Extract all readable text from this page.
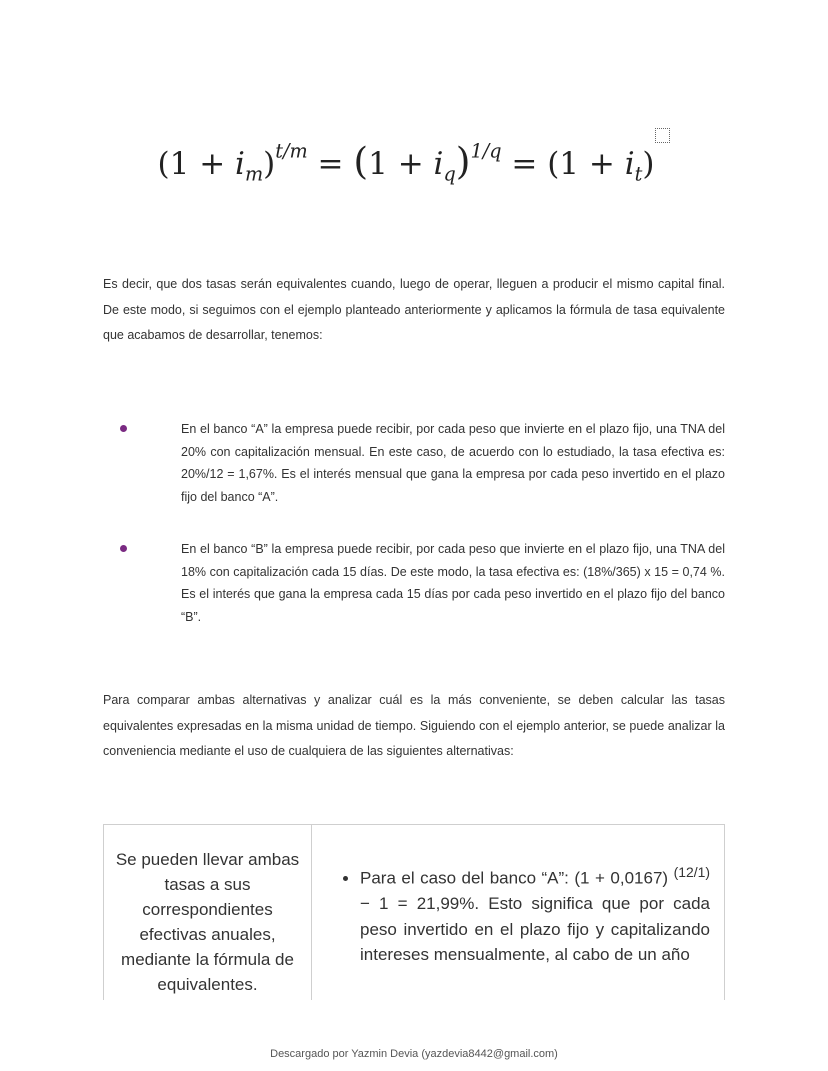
$(1 + i_m)^{t/m} = (1 + i_q)^{1/q} = (1 + i_t)$

Es decir, que dos tasas serán equivalentes cuando, luego de operar, lleguen a producir el mismo capital final. De este modo, si seguimos con el ejemplo planteado anteriormente y aplicamos la fórmula de tasa equivalente que acabamos de desarrollar, tenemos:

En el banco “A” la empresa puede recibir, por cada peso que invierte en el plazo fijo, una TNA del 20% con capitalización mensual. En este caso, de acuerdo con lo estudiado, la tasa efectiva es: 20%/12 = 1,67%. Es el interés mensual que gana la empresa por cada peso invertido en el plazo fijo del banco “A”.

En el banco “B” la empresa puede recibir, por cada peso que invierte en el plazo fijo, una TNA del 18% con capitalización cada 15 días. De este modo, la tasa efectiva es: (18%/365) x 15 = 0,74 %. Es el interés que gana la empresa cada 15 días por cada peso invertido en el plazo fijo del banco “B”.

Para comparar ambas alternativas y analizar cuál es la más conveniente, se deben calcular las tasas equivalentes expresadas en la misma unidad de tiempo. Siguiendo con el ejemplo anterior, se puede analizar la conveniencia mediante el uso de cualquiera de las siguientes alternativas:

Se pueden llevar ambas tasas a sus correspondientes efectivas anuales, mediante la fórmula de equivalentes.
• Para el caso del banco “A”: (1 + 0,0167) $^{(12/1)}$ − 1 = 21,99%. Esto significa que por cada peso invertido en el plazo fijo y capitalizando intereses mensualmente, al cabo de un año
Descargado por Yazmin Devia (yazdevia8442@gmail.com)
